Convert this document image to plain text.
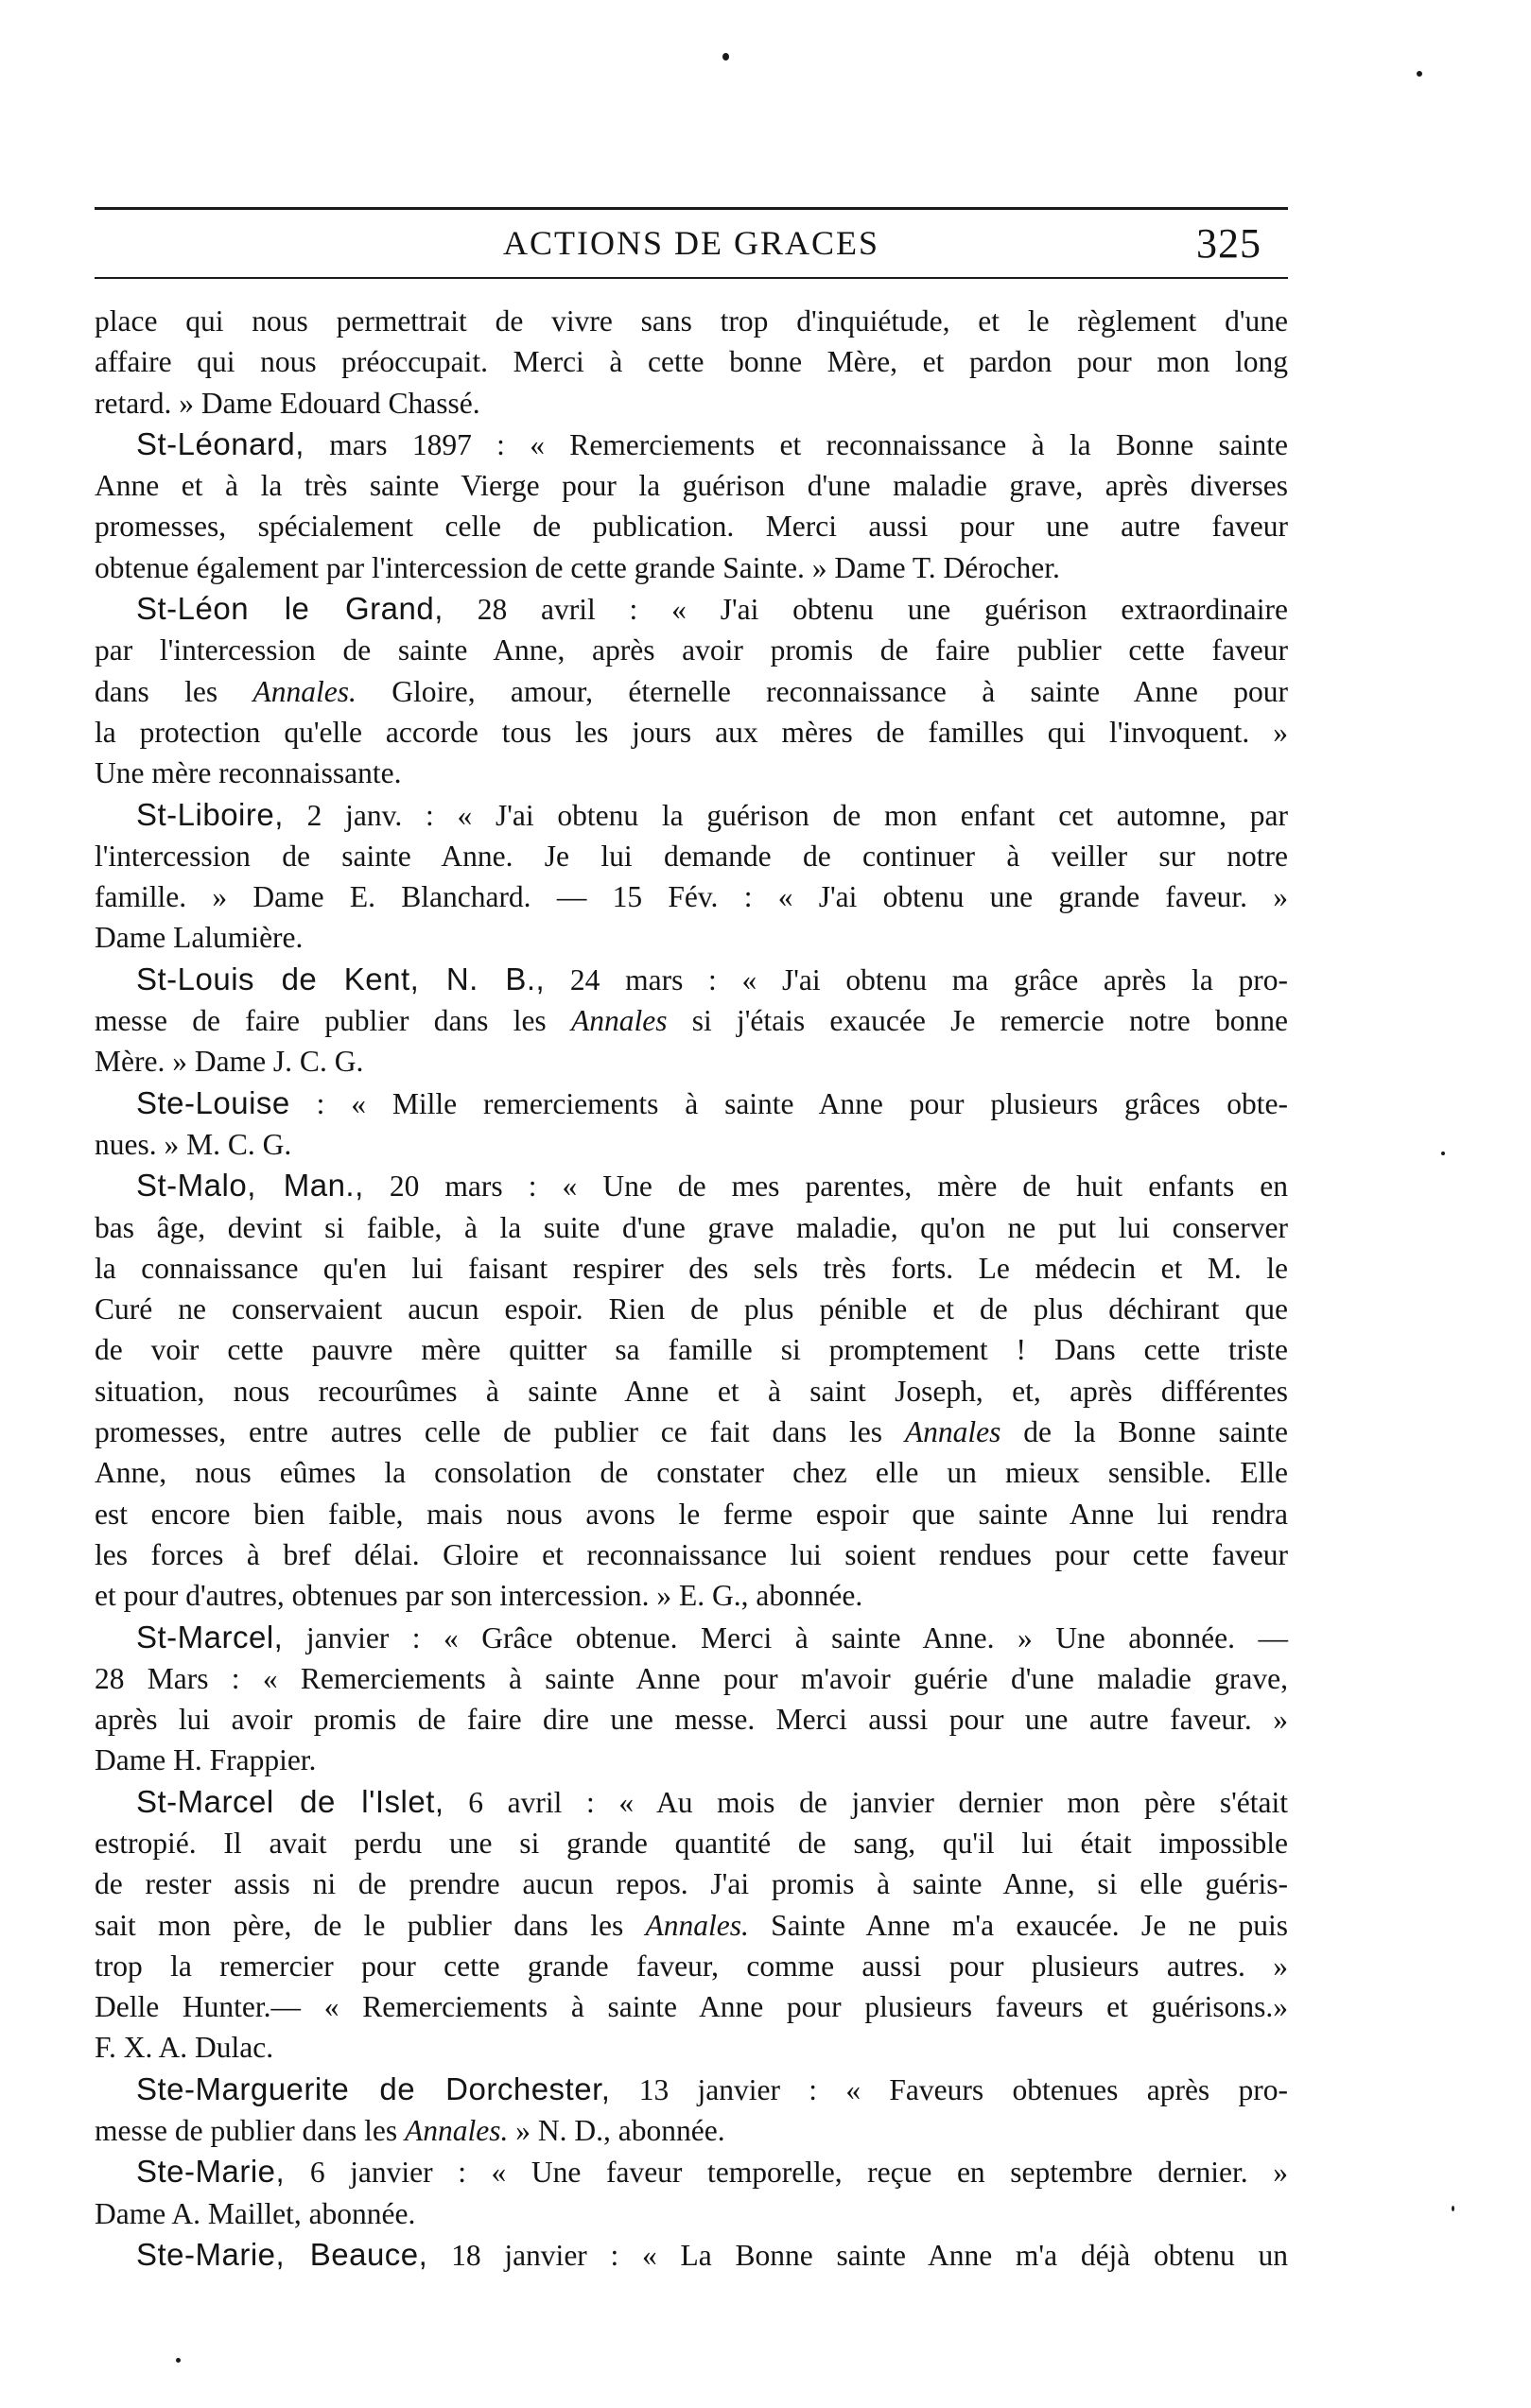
ACTIONS DE GRACES	325
place qui nous permettrait de vivre sans trop d'inquiétude, et le règlement d'une
affaire qui nous préoccupait. Merci à cette bonne Mère, et pardon pour mon long
retard. » Dame Edouard Chassé.
St-Léonard, mars 1897 : « Remerciements et reconnaissance à la Bonne sainte
Anne et à la très sainte Vierge pour la guérison d'une maladie grave, après diverses
promesses, spécialement celle de publication. Merci aussi pour une autre faveur
obtenue également par l'intercession de cette grande Sainte. » Dame T. Dérocher.
St-Léon le Grand, 28 avril : « J'ai obtenu une guérison extraordinaire
par l'intercession de sainte Anne, après avoir promis de faire publier cette faveur
dans les Annales. Gloire, amour, éternelle reconnaissance à sainte Anne pour
la protection qu'elle accorde tous les jours aux mères de familles qui l'invoquent. »
Une mère reconnaissante.
St-Liboire, 2 janv. : « J'ai obtenu la guérison de mon enfant cet automne, par
l'intercession de sainte Anne. Je lui demande de continuer à veiller sur notre
famille. » Dame E. Blanchard. — 15 Fév. : « J'ai obtenu une grande faveur. »
Dame Lalumière.
St-Louis de Kent, N. B., 24 mars : « J'ai obtenu ma grâce après la pro-
messe de faire publier dans les Annales si j'étais exaucée Je remercie notre bonne
Mère. » Dame J. C. G.
Ste-Louise : « Mille remerciements à sainte Anne pour plusieurs grâces obte-
nues. » M. C. G.
St-Malo, Man., 20 mars : « Une de mes parentes, mère de huit enfants en
bas âge, devint si faible, à la suite d'une grave maladie, qu'on ne put lui conserver
la connaissance qu'en lui faisant respirer des sels très forts. Le médecin et M. le
Curé ne conservaient aucun espoir. Rien de plus pénible et de plus déchirant que
de voir cette pauvre mère quitter sa famille si promptement ! Dans cette triste
situation, nous recourûmes à sainte Anne et à saint Joseph, et, après différentes
promesses, entre autres celle de publier ce fait dans les Annales de la Bonne sainte
Anne, nous eûmes la consolation de constater chez elle un mieux sensible. Elle
est encore bien faible, mais nous avons le ferme espoir que sainte Anne lui rendra
les forces à bref délai. Gloire et reconnaissance lui soient rendues pour cette faveur
et pour d'autres, obtenues par son intercession. » E. G., abonnée.
St-Marcel, janvier : « Grâce obtenue. Merci à sainte Anne. » Une abonnée. —
28 Mars : « Remerciements à sainte Anne pour m'avoir guérie d'une maladie grave,
après lui avoir promis de faire dire une messe. Merci aussi pour une autre faveur. »
Dame H. Frappier.
St-Marcel de l'Islet, 6 avril : « Au mois de janvier dernier mon père s'était
estropié. Il avait perdu une si grande quantité de sang, qu'il lui était impossible
de rester assis ni de prendre aucun repos. J'ai promis à sainte Anne, si elle guéris-
sait mon père, de le publier dans les Annales. Sainte Anne m'a exaucée. Je ne puis
trop la remercier pour cette grande faveur, comme aussi pour plusieurs autres. »
Delle Hunter.— « Remerciements à sainte Anne pour plusieurs faveurs et guérisons.»
F. X. A. Dulac.
Ste-Marguerite de Dorchester, 13 janvier : « Faveurs obtenues après pro-
messe de publier dans les Annales. » N. D., abonnée.
Ste-Marie, 6 janvier : « Une faveur temporelle, reçue en septembre dernier. »
Dame A. Maillet, abonnée.
Ste-Marie, Beauce, 18 janvier : « La Bonne sainte Anne m'a déjà obtenu un
